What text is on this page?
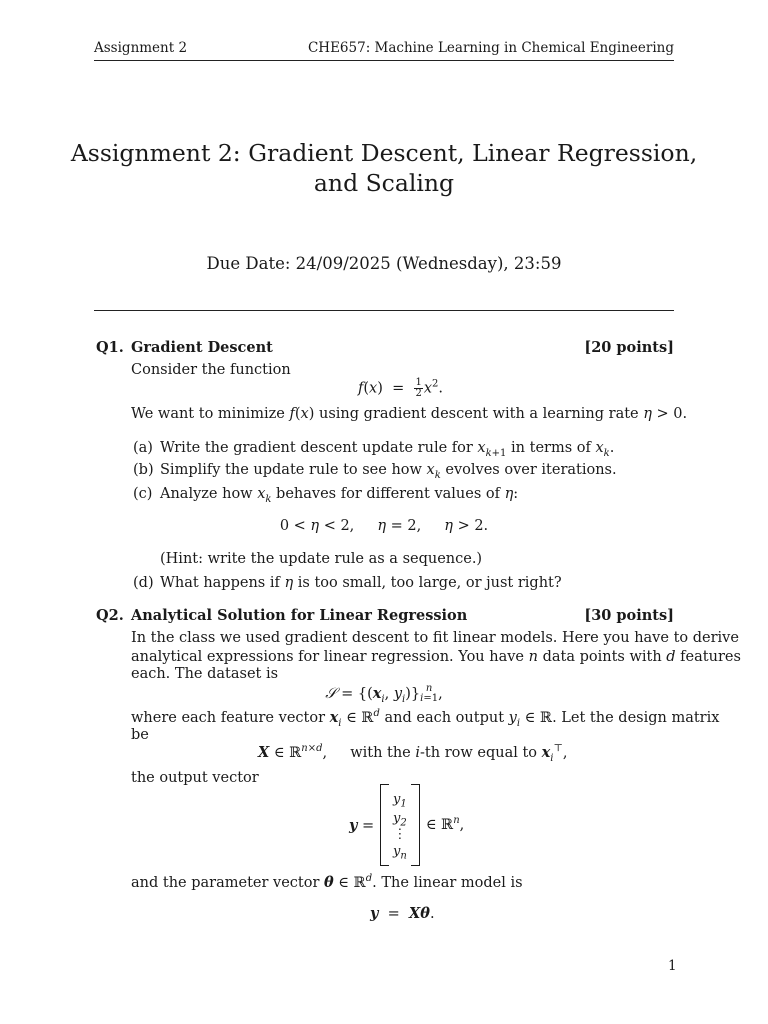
Assignment 2	CHE657: Machine Learning in Chemical Engineering
Assignment 2: Gradient Descent, Linear Regression,
and Scaling
Due Date: 24/09/2025 (Wednesday), 23:59
Q1. Gradient Descent	[20 points]
Consider the function
$f(x) = \frac{1}{2} x^2$.
We want to minimize f(x) using gradient descent with a learning rate η > 0.
(a) Write the gradient descent update rule for $x_{k+1}$ in terms of $x_k$.
(b) Simplify the update rule to see how $x_k$ evolves over iterations.
(c) Analyze how $x_k$ behaves for different values of η:
0 < η < 2,     η = 2,     η > 2.
(Hint: write the update rule as a sequence.)
(d) What happens if η is too small, too large, or just right?
Q2. Analytical Solution for Linear Regression	[30 points]
In the class we used gradient descent to fit linear models. Here you have to derive
analytical expressions for linear regression. You have n data points with d features
each. The dataset is
𝒮 = {($x_i$, $y_i$)} n
i=1 ,
where each feature vector $x_i$ ∈ ℝ$^d$ and each output $y_i$ ∈ ℝ. Let the design matrix
be
X ∈ ℝ$^{n\times d}$,     with the i-th row equal to $x_i^⊤$,
the output vector
y =
$y_1$
$y_2$
⋮
$y_n$
∈ ℝ$^n$,
and the parameter vector θ ∈ ℝ$^d$. The linear model is
y  =  Xθ.
1
